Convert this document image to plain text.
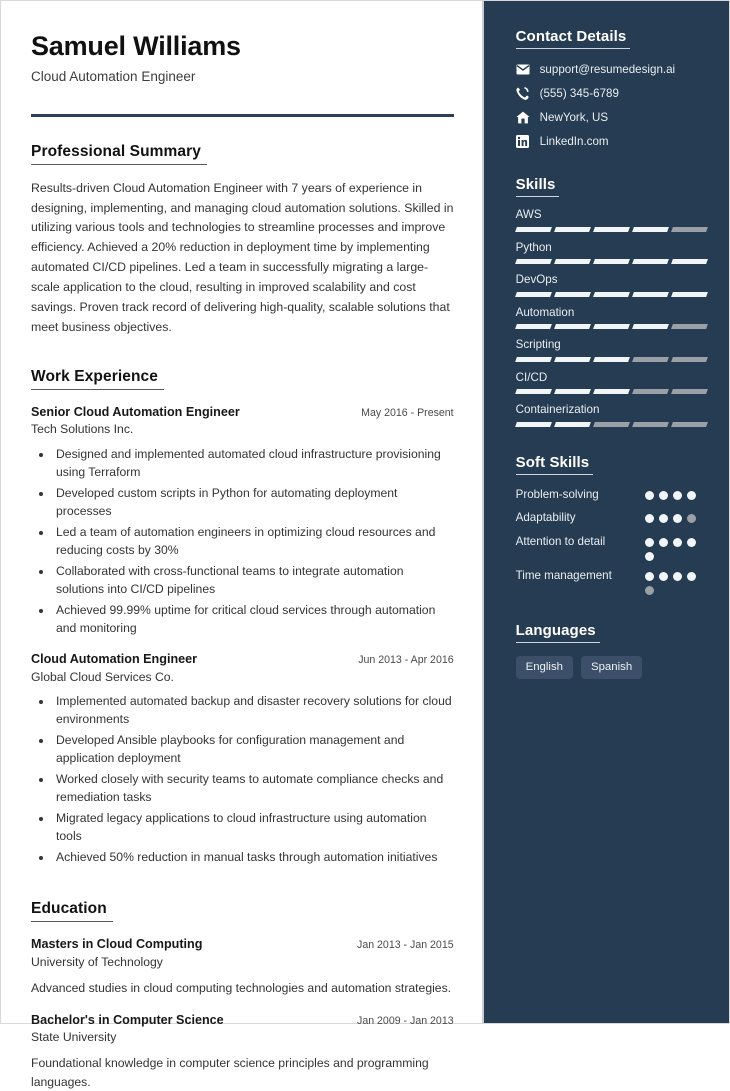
Samuel Williams
Cloud Automation Engineer
Professional Summary
Results-driven Cloud Automation Engineer with 7 years of experience in designing, implementing, and managing cloud automation solutions. Skilled in utilizing various tools and technologies to streamline processes and improve efficiency. Achieved a 20% reduction in deployment time by implementing automated CI/CD pipelines. Led a team in successfully migrating a large-scale application to the cloud, resulting in improved scalability and cost savings. Proven track record of delivering high-quality, scalable solutions that meet business objectives.
Work Experience
Senior Cloud Automation Engineer	May 2016 - Present
Tech Solutions Inc.
• Designed and implemented automated cloud infrastructure provisioning using Terraform
• Developed custom scripts in Python for automating deployment processes
• Led a team of automation engineers in optimizing cloud resources and reducing costs by 30%
• Collaborated with cross-functional teams to integrate automation solutions into CI/CD pipelines
• Achieved 99.99% uptime for critical cloud services through automation and monitoring
Cloud Automation Engineer	Jun 2013 - Apr 2016
Global Cloud Services Co.
• Implemented automated backup and disaster recovery solutions for cloud environments
• Developed Ansible playbooks for configuration management and application deployment
• Worked closely with security teams to automate compliance checks and remediation tasks
• Migrated legacy applications to cloud infrastructure using automation tools
• Achieved 50% reduction in manual tasks through automation initiatives
Education
Masters in Cloud Computing	Jan 2013 - Jan 2015
University of Technology
Advanced studies in cloud computing technologies and automation strategies.
Bachelor's in Computer Science	Jan 2009 - Jan 2013
State University
Foundational knowledge in computer science principles and programming languages.
Contact Details
support@resumedesign.ai
(555) 345-6789
NewYork, US
LinkedIn.com
Skills
AWS
Python
DevOps
Automation
Scripting
CI/CD
Containerization
Soft Skills
Problem-solving
Adaptability
Attention to detail
Time management
Languages
English	Spanish
